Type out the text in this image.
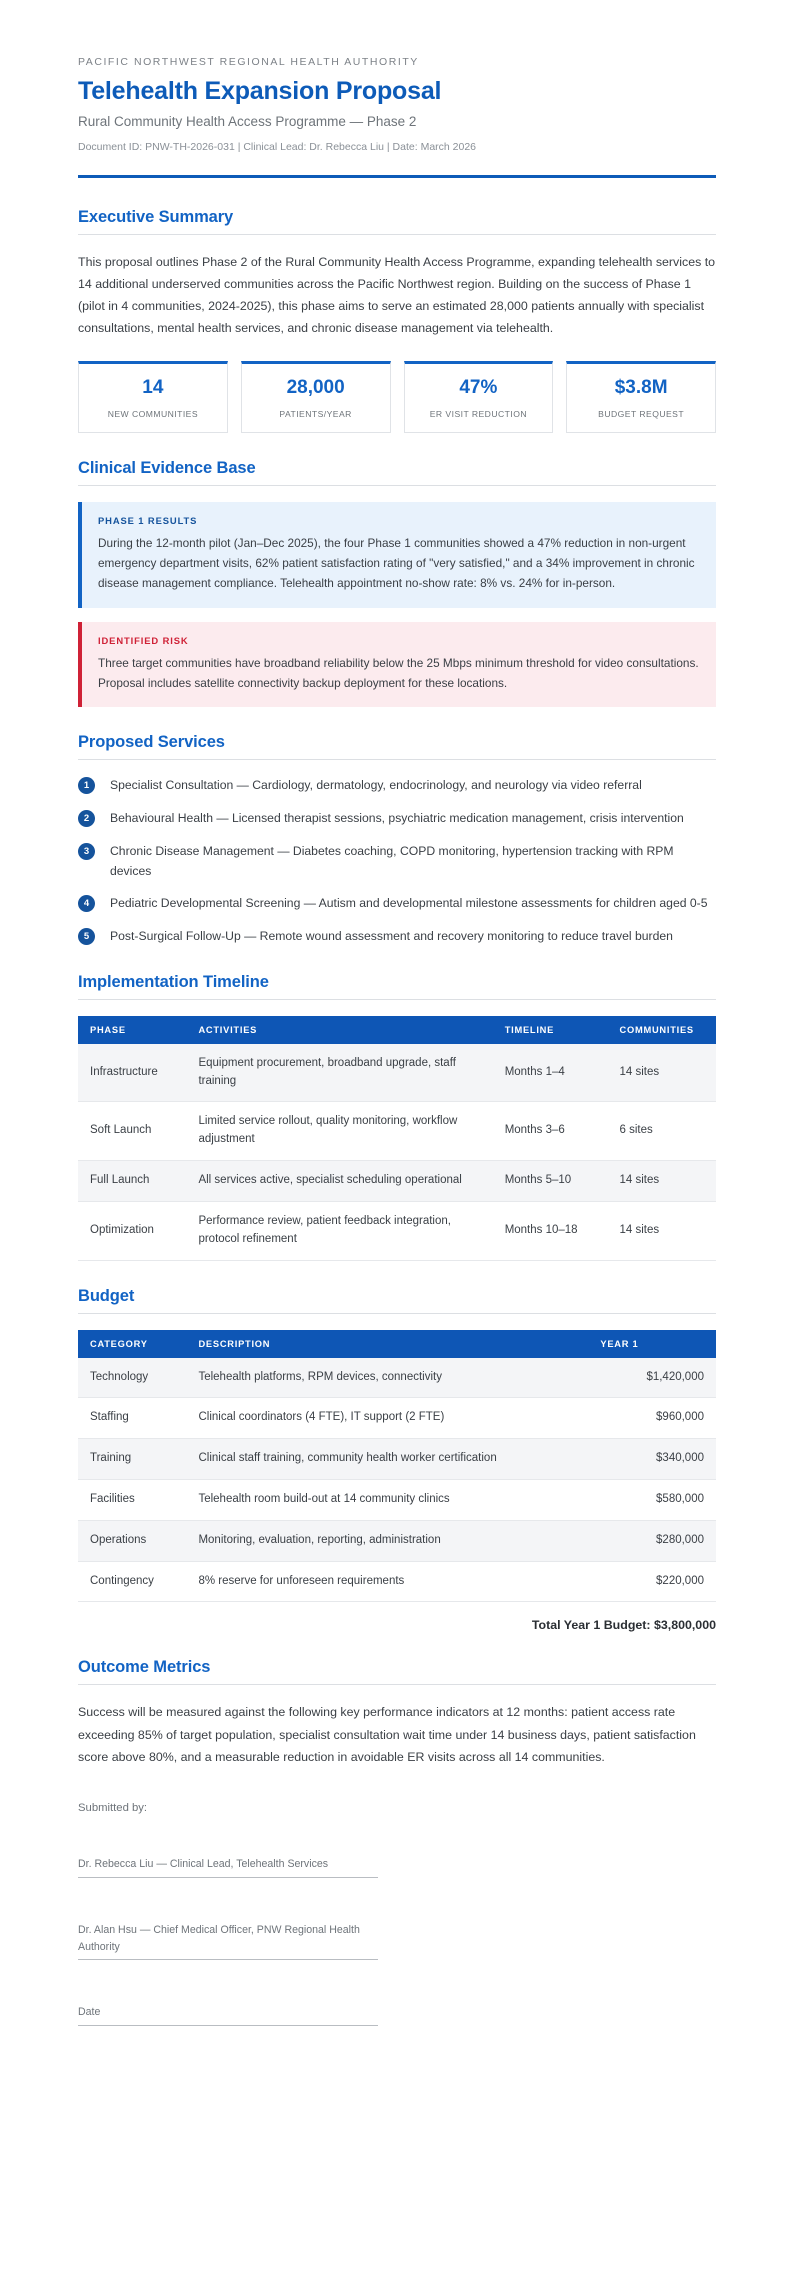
PACIFIC NORTHWEST REGIONAL HEALTH AUTHORITY
Telehealth Expansion Proposal
Rural Community Health Access Programme — Phase 2
Document ID: PNW-TH-2026-031 | Clinical Lead: Dr. Rebecca Liu | Date: March 2026
Executive Summary

This proposal outlines Phase 2 of the Rural Community Health Access Programme, expanding telehealth services to 14 additional underserved communities across the Pacific Northwest region. Building on the success of Phase 1 (pilot in 4 communities, 2024-2025), this phase aims to serve an estimated 28,000 patients annually with specialist consultations, mental health services, and chronic disease management via telehealth.

14
NEW COMMUNITIES
28,000
PATIENTS/YEAR
47%
ER VISIT REDUCTION
$3.8M
BUDGET REQUEST
Clinical Evidence Base
PHASE 1 RESULTS

During the 12-month pilot (Jan–Dec 2025), the four Phase 1 communities showed a 47% reduction in non-urgent emergency department visits, 62% patient satisfaction rating of "very satisfied," and a 34% improvement in chronic disease management compliance. Telehealth appointment no-show rate: 8% vs. 24% for in-person.

IDENTIFIED RISK

Three target communities have broadband reliability below the 25 Mbps minimum threshold for video consultations. Proposal includes satellite connectivity backup deployment for these locations.

Proposed Services
1	Specialist Consultation — Cardiology, dermatology, endocrinology, and neurology via video referral
2	Behavioural Health — Licensed therapist sessions, psychiatric medication management, crisis intervention
3	Chronic Disease Management — Diabetes coaching, COPD monitoring, hypertension tracking with RPM devices
4	Pediatric Developmental Screening — Autism and developmental milestone assessments for children aged 0-5
5	Post-Surgical Follow-Up — Remote wound assessment and recovery monitoring to reduce travel burden
Implementation Timeline
PHASE	ACTIVITIES	TIMELINE	COMMUNITIES
Infrastructure	Equipment procurement, broadband upgrade, staff training	Months 1–4	14 sites
Soft Launch	Limited service rollout, quality monitoring, workflow adjustment	Months 3–6	6 sites
Full Launch	All services active, specialist scheduling operational	Months 5–10	14 sites
Optimization	Performance review, patient feedback integration, protocol refinement	Months 10–18	14 sites
Budget
CATEGORY	DESCRIPTION	YEAR 1
Technology	Telehealth platforms, RPM devices, connectivity	$1,420,000
Staffing	Clinical coordinators (4 FTE), IT support (2 FTE)	$960,000
Training	Clinical staff training, community health worker certification	$340,000
Facilities	Telehealth room build-out at 14 community clinics	$580,000
Operations	Monitoring, evaluation, reporting, administration	$280,000
Contingency	8% reserve for unforeseen requirements	$220,000
Total Year 1 Budget: $3,800,000
Outcome Metrics

Success will be measured against the following key performance indicators at 12 months: patient access rate exceeding 85% of target population, specialist consultation wait time under 14 business days, patient satisfaction score above 80%, and a measurable reduction in avoidable ER visits across all 14 communities.

Submitted by:
Dr. Rebecca Liu — Clinical Lead, Telehealth Services
Dr. Alan Hsu — Chief Medical Officer, PNW Regional Health Authority
Date
